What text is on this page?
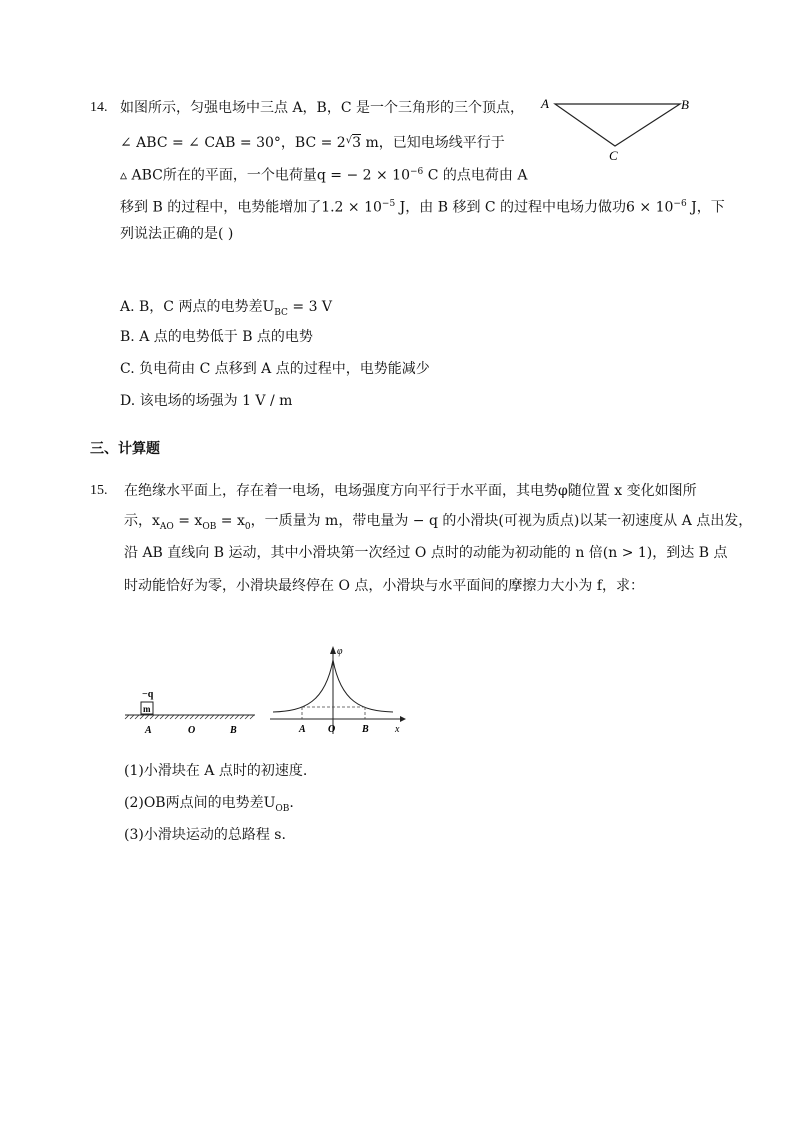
14. 如图所示，匀强电场中三点 A，B，C 是一个三角形的三个顶点，
∠ ABC = ∠ CAB = 30°，BC = 2√3 m，已知电场线平行于
▵ ABC所在的平面，一个电荷量q = − $2 \times 10^{-6}$ C 的点电荷由 A
移到 B 的过程中，电势能增加了$1.2 \times 10^{-5}$ J，由 B 移到 C 的过程中电场力做功$6 \times 10^{-6}$ J，下
列说法正确的是( )
A	B
C
A. B，C 两点的电势差$U_{BC} = 3$ V
B. A 点的电势低于 B 点的电势
C. 负电荷由 C 点移到 A 点的过程中，电势能减少
D. 该电场的场强为 1 V / m
三、计算题
15. 在绝缘水平面上，存在着一电场，电场强度方向平行于水平面，其电势φ随位置 x 变化如图所
示，$x_{AO} = x_{OB} = x_0$，一质量为 m，带电量为 − q 的小滑块(可视为质点)以某一初速度从 A 点出发，
沿 AB 直线向 B 运动，其中小滑块第一次经过 O 点时的动能为初动能的 n 倍(n > 1)，到达 B 点
时动能恰好为零，小滑块最终停在 O 点，小滑块与水平面间的摩擦力大小为 f，求：
−q
m
A	O	B
φ
A O	B	x
(1)小滑块在 A 点时的初速度.
(2)OB两点间的电势差$U_{OB}$.
(3)小滑块运动的总路程 s.
